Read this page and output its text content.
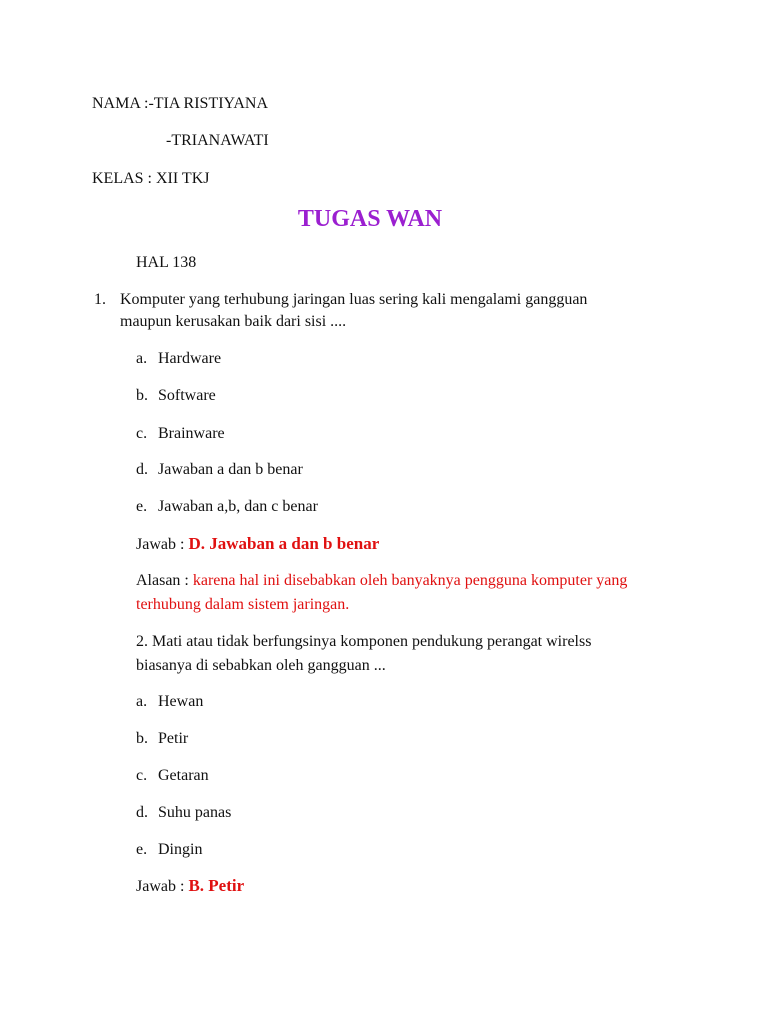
NAMA :-TIA RISTIYANA
-TRIANAWATI
KELAS : XII TKJ
TUGAS WAN
HAL 138
1. Komputer yang terhubung jaringan luas sering kali mengalami gangguan
maupun kerusakan baik dari sisi ....
a. Hardware
b. Software
c. Brainware
d. Jawaban a dan b benar
e. Jawaban a,b, dan c benar
Jawab : D. Jawaban a dan b benar
Alasan : karena hal ini disebabkan oleh banyaknya pengguna komputer yang
terhubung dalam sistem jaringan.
2. Mati atau tidak berfungsinya komponen pendukung perangat wirelss
biasanya di sebabkan oleh gangguan ...
a. Hewan
b. Petir
c. Getaran
d. Suhu panas
e. Dingin
Jawab : B. Petir
